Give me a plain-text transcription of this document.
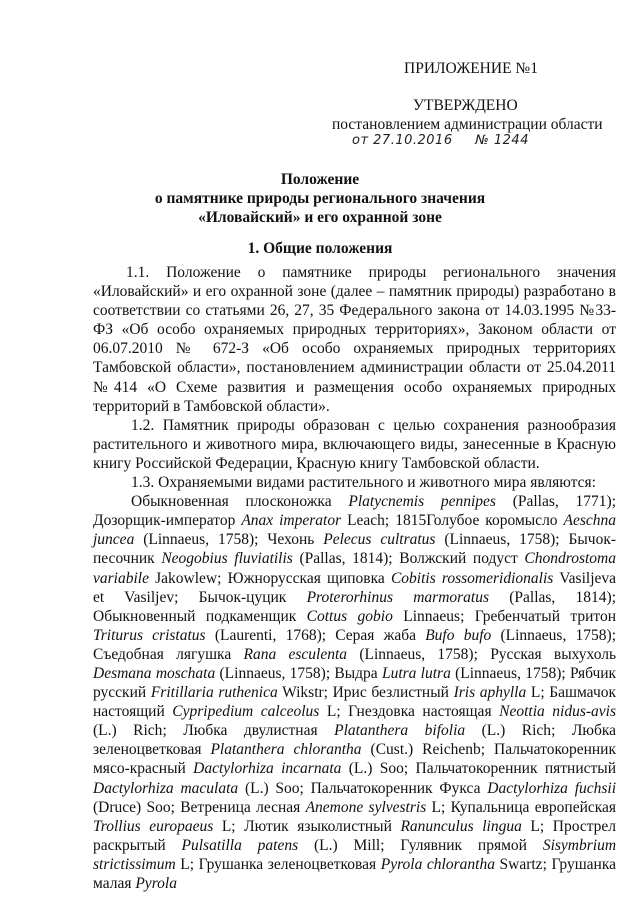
ПРИЛОЖЕНИЕ №1
УТВЕРЖДЕНО
постановлением администрации области
от 27.10.2016 № 1244
Положение
о памятнике природы регионального значения
«Иловайский» и его охранной зоне
1. Общие положения

1.1. Положение о памятнике природы регионального значения «Иловайский» и его охранной зоне (далее – памятник природы) разработано в соответствии со статьями 26, 27, 35 Федерального закона от 14.03.1995 №33-ФЗ «Об особо охраняемых природных территориях», Законом области от 06.07.2010 № 672-З «Об особо охраняемых природных территориях Тамбовской области», постановлением администрации области от 25.04.2011 №414 «О Схеме развития и размещения особо охраняемых природных территорий в Тамбовской области».

1.2. Памятник природы образован с целью сохранения разнообразия растительного и животного мира, включающего виды, занесенные в Красную книгу Российской Федерации, Красную книгу Тамбовской области.

1.3. Охраняемыми видами растительного и животного мира являются:

Обыкновенная плосконожка Platycnemis pennipes (Pallas, 1771); Дозорщик-император Anax imperator Leach; 1815Голубое коромысло Aeschna juncea (Linnaeus, 1758); Чехонь Pelecus cultratus (Linnaeus, 1758); Бычок-песочник Neogobius fluviatilis (Pallas, 1814); Волжский подуст Chondrostoma variabile Jakowlew; Южнорусская щиповка Cobitis rossomeridionalis Vasiljeva et Vasiljev; Бычок-цуцик Proterorhinus marmoratus (Pallas, 1814); Обыкновенный подкаменщик Cottus gobio Linnaeus; Гребенчатый тритон Triturus cristatus (Laurenti, 1768); Серая жаба Bufo bufo (Linnaeus, 1758); Съедобная лягушка Rana esculenta (Linnaeus, 1758); Русская выхухоль Desmana moschata (Linnaeus, 1758); Выдра Lutra lutra (Linnaeus, 1758); Рябчик русский Fritillaria ruthenica Wikstr; Ирис безлистный Iris aphylla L; Башмачок настоящий Cypripedium calceolus L; Гнездовка настоящая Neottia nidus-avis (L.) Rich; Любка двулистная Platanthera bifolia (L.) Rich; Любка зеленоцветковая Platanthera chlorantha (Cust.) Reichenb; Пальчатокоренник мясо-красный Dactylorhiza incarnata (L.) Soo; Пальчатокоренник пятнистый Dactylorhiza maculata (L.) Soo; Пальчатокоренник Фукса Dactylorhiza fuchsii (Druce) Soo; Ветреница лесная Anemone sylvestris L; Купальница европейская Trollius europaeus L; Лютик языколистный Ranunculus lingua L; Прострел раскрытый Pulsatilla patens (L.) Mill; Гулявник прямой Sisymbrium strictissimum L; Грушанка зеленоцветковая Pyrola chlorantha Swartz; Грушанка малая Pyrola
